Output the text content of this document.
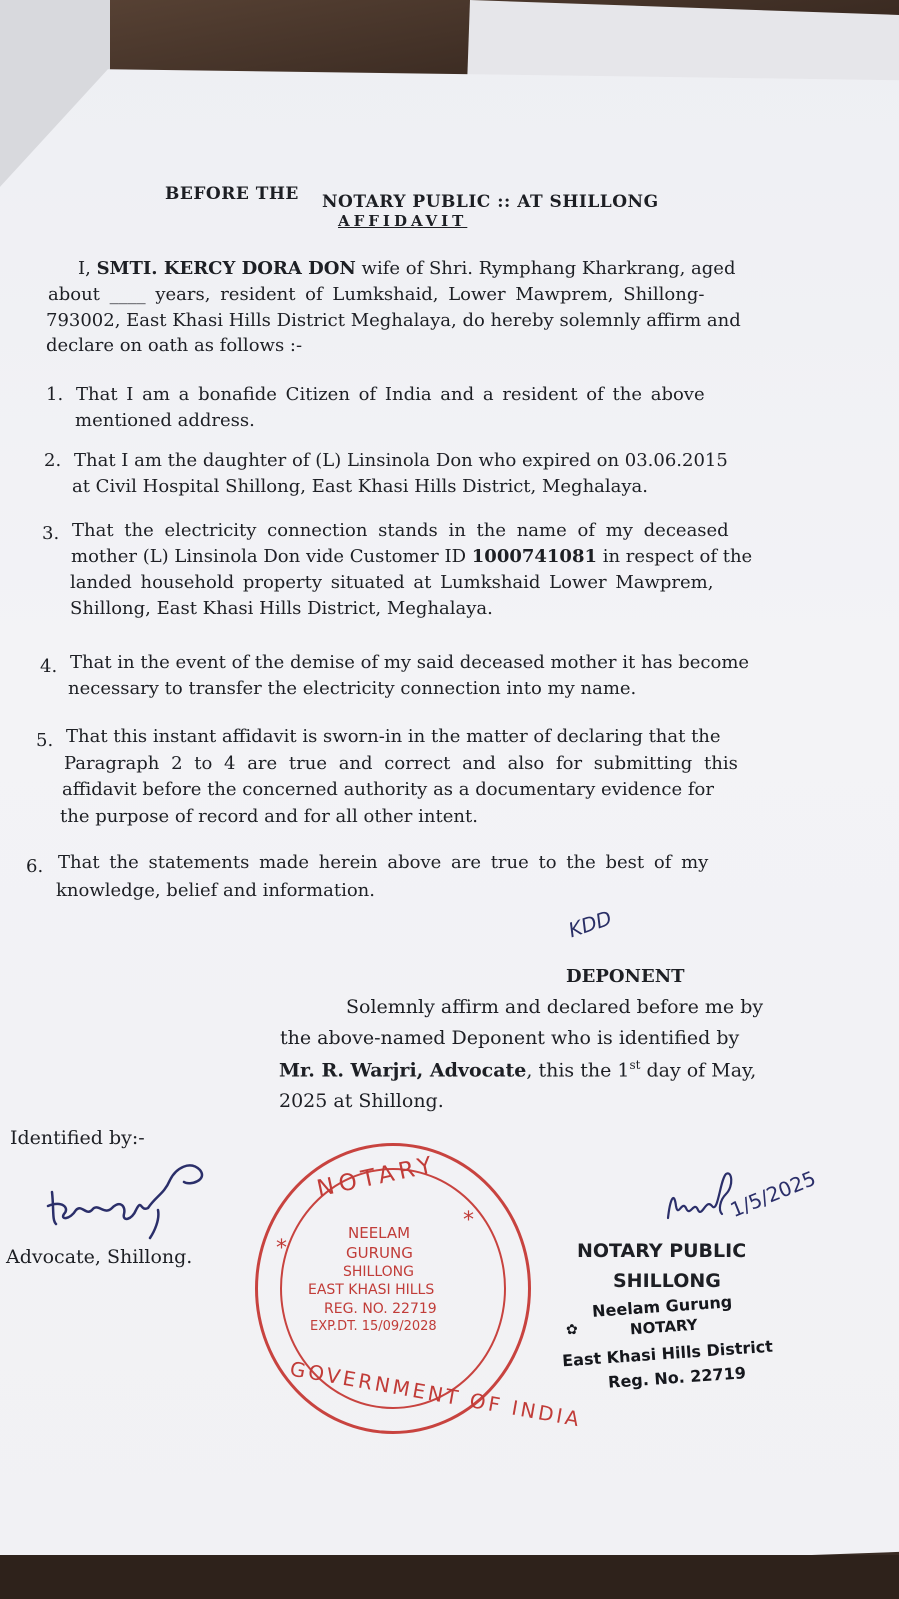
BEFORE THE NOTARY PUBLIC :: AT SHILLONG
AFFIDAVIT
I, SMTI. KERCY DORA DON wife of Shri. Rymphang Kharkrang, aged
about ____ years, resident of Lumkshaid, Lower Mawprem, Shillong-
793002, East Khasi Hills District Meghalaya, do hereby solemnly affirm and
declare on oath as follows :-
1. That I am a bonafide Citizen of India and a resident of the above
mentioned address.
2. That I am the daughter of (L) Linsinola Don who expired on 03.06.2015
at Civil Hospital Shillong, East Khasi Hills District, Meghalaya.
3. That the electricity connection stands in the name of my deceased
mother (L) Linsinola Don vide Customer ID 1000741081 in respect of the
landed household property situated at Lumkshaid Lower Mawprem,
Shillong, East Khasi Hills District, Meghalaya.
4. That in the event of the demise of my said deceased mother it has become
necessary to transfer the electricity connection into my name.
5. That this instant affidavit is sworn-in in the matter of declaring that the
Paragraph 2 to 4 are true and correct and also for submitting this
affidavit before the concerned authority as a documentary evidence for
the purpose of record and for all other intent.
6. That the statements made herein above are true to the best of my
knowledge, belief and information.
KDD
DEPONENT
Solemnly affirm and declared before me by
the above-named Deponent who is identified by
Mr. R. Warjri, Advocate, this the 1st day of May,
2025 at Shillong.
Identified by:-
Advocate, Shillong.
NOTARY
*
*
NEELAM
GURUNG
SHILLONG
EAST KHASI HILLS
REG. NO. 22719
EXP.DT. 15/09/2028
GOVERNMENT OF INDIA
1/5/2025
NOTARY PUBLIC
SHILLONG
Neelam Gurung
✿	NOTARY
East Khasi Hills District
Reg. No. 22719
